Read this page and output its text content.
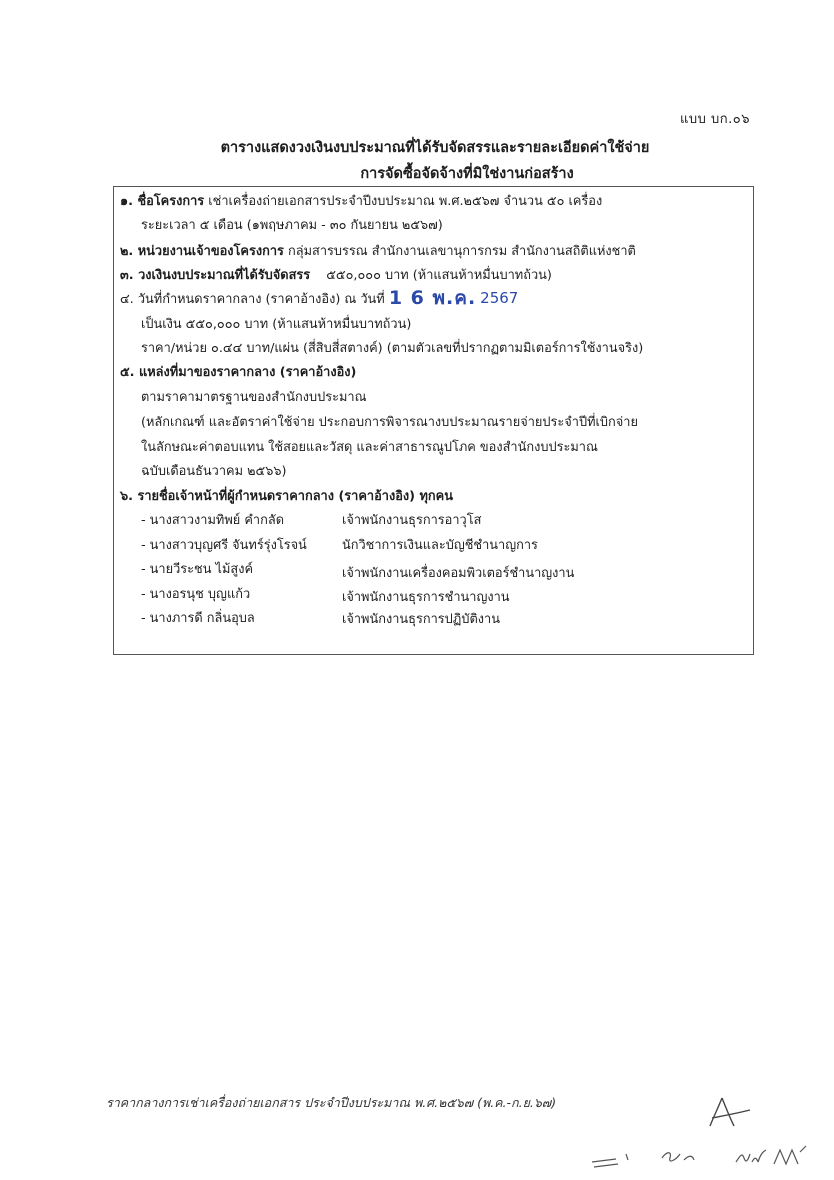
แบบ บก.๐๖
ตารางแสดงวงเงินงบประมาณที่ได้รับจัดสรรและรายละเอียดค่าใช้จ่าย
การจัดซื้อจัดจ้างที่มิใช่งานก่อสร้าง
๑. ชื่อโครงการ เช่าเครื่องถ่ายเอกสารประจำปีงบประมาณ พ.ศ.๒๕๖๗ จำนวน ๕๐ เครื่อง
ระยะเวลา ๕ เดือน (๑พฤษภาคม - ๓๐ กันยายน ๒๕๖๗)
๒. หน่วยงานเจ้าของโครงการ กลุ่มสารบรรณ สำนักงานเลขานุการกรม สำนักงานสถิติแห่งชาติ
๓. วงเงินงบประมาณที่ได้รับจัดสรร ๕๕๐,๐๐๐ บาท (ห้าแสนห้าหมื่นบาทถ้วน)
๔. วันที่กำหนดราคากลาง (ราคาอ้างอิง) ณ วันที่ 1 6 พ.ค. 2567
เป็นเงิน ๕๕๐,๐๐๐ บาท (ห้าแสนห้าหมื่นบาทถ้วน)
ราคา/หน่วย ๐.๔๔ บาท/แผ่น (สี่สิบสี่สตางค์) (ตามตัวเลขที่ปรากฏตามมิเตอร์การใช้งานจริง)
๕. แหล่งที่มาของราคากลาง (ราคาอ้างอิง)
ตามราคามาตรฐานของสำนักงบประมาณ
(หลักเกณฑ์ และอัตราค่าใช้จ่าย ประกอบการพิจารณางบประมาณรายจ่ายประจำปีที่เบิกจ่าย
ในลักษณะค่าตอบแทน ใช้สอยและวัสดุ และค่าสาธารณูปโภค ของสำนักงบประมาณ
ฉบับเดือนธันวาคม ๒๕๖๖)
๖. รายชื่อเจ้าหน้าที่ผู้กำหนดราคากลาง (ราคาอ้างอิง) ทุกคน
- นางสาวงามทิพย์ คำกลัด	เจ้าพนักงานธุรการอาวุโส
- นางสาวบุญศรี จันทร์รุ่งโรจน์	นักวิชาการเงินและบัญชีชำนาญการ
- นายวีระชน ไม้สูงค์	เจ้าพนักงานเครื่องคอมพิวเตอร์ชำนาญงาน
- นางอรนุช บุญแก้ว	เจ้าพนักงานธุรการชำนาญงาน
- นางภารดี กลิ่นอุบล	เจ้าพนักงานธุรการปฏิบัติงาน
ราคากลางการเช่าเครื่องถ่ายเอกสาร ประจำปีงบประมาณ พ.ศ.๒๕๖๗ (พ.ค.-ก.ย.๖๗)
